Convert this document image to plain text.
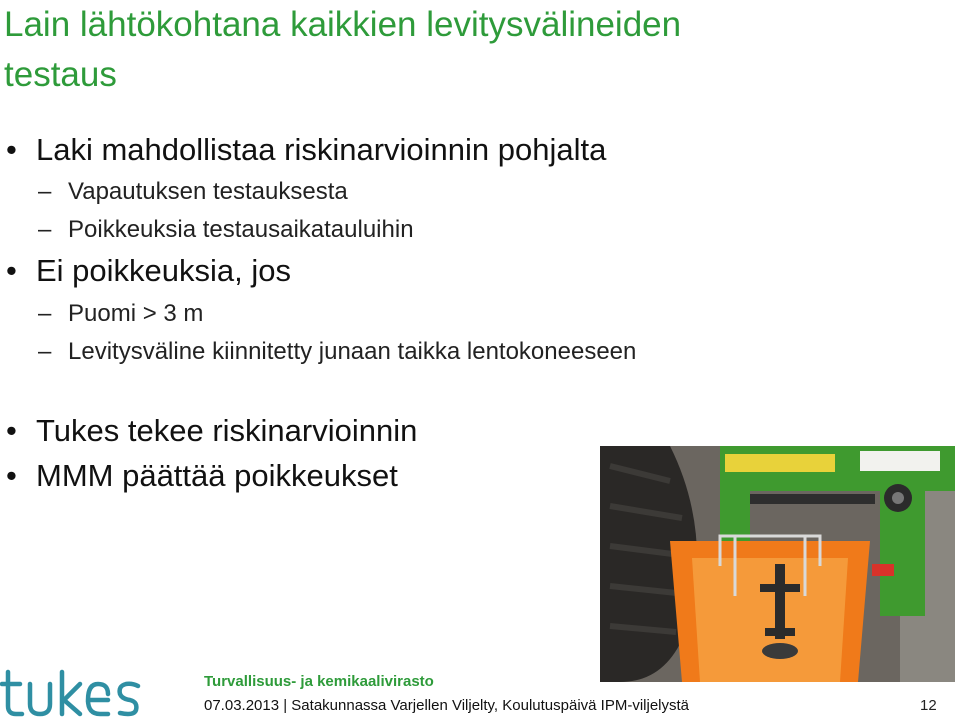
Lain lähtökohtana kaikkien levitysvälineiden
testaus
• Laki mahdollistaa riskinarvioinnin pohjalta
– Vapautuksen testauksesta
– Poikkeuksia testausaikatauluihin
• Ei poikkeuksia, jos
– Puomi > 3 m
– Levitysväline kiinnitetty junaan taikka lentokoneeseen
• Tukes tekee riskinarvioinnin
• MMM päättää poikkeukset
Turvallisuus- ja kemikaalivirasto
07.03.2013 | Satakunnassa Varjellen Viljelty, Koulutuspäivä IPM-viljelystä	12
